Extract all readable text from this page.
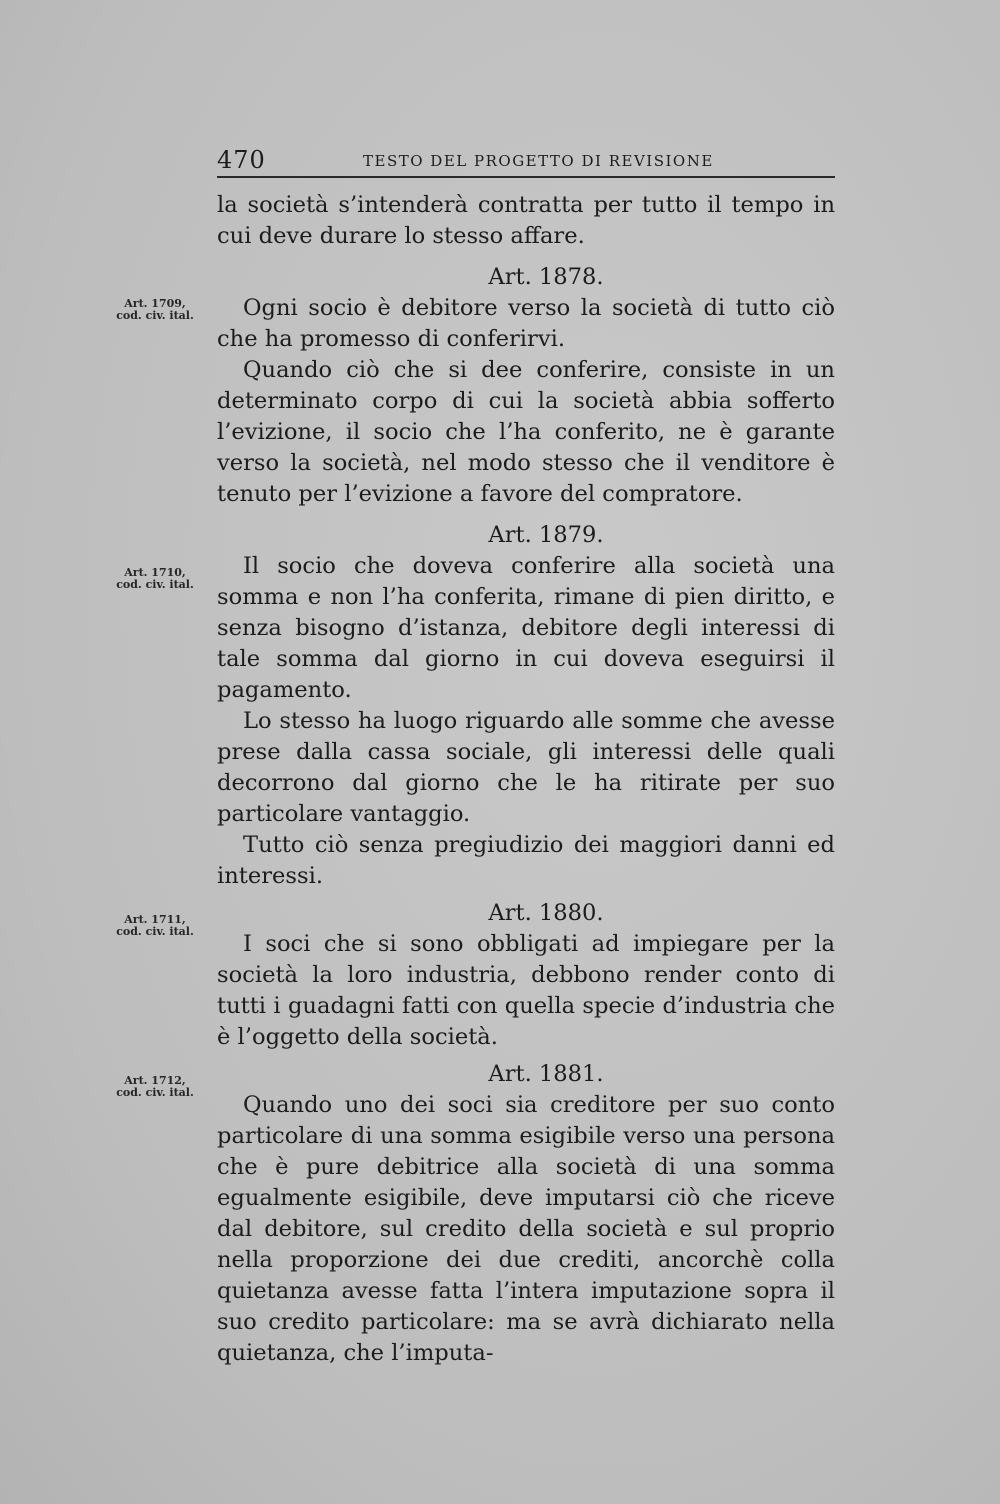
470	TESTO DEL PROGETTO DI REVISIONE
Art. 1709,
cod. civ. ital.
Art. 1710,
cod. civ. ital.
Art. 1711,
cod. civ. ital.
Art. 1712,
cod. civ. ital.

la società s’intenderà contratta per tutto il tempo in cui deve durare lo stesso affare.

Art. 1878.

Ogni socio è debitore verso la società di tutto ciò che ha promesso di conferirvi.

Quando ciò che si dee conferire, consiste in un determinato corpo di cui la società abbia sofferto l’evizione, il socio che l’ha conferito, ne è garante verso la società, nel modo stesso che il venditore è tenuto per l’evizione a favore del compratore.

Art. 1879.

Il socio che doveva conferire alla società una somma e non l’ha conferita, rimane di pien diritto, e senza bisogno d’istanza, debitore degli interessi di tale somma dal giorno in cui doveva eseguirsi il pagamento.

Lo stesso ha luogo riguardo alle somme che avesse prese dalla cassa sociale, gli interessi delle quali decorrono dal giorno che le ha ritirate per suo particolare vantaggio.

Tutto ciò senza pregiudizio dei maggiori danni ed interessi.

Art. 1880.

I soci che si sono obbligati ad impiegare per la società la loro industria, debbono render conto di tutti i guadagni fatti con quella specie d’industria che è l’oggetto della società.

Art. 1881.

Quando uno dei soci sia creditore per suo conto particolare di una somma esigibile verso una persona che è pure debitrice alla società di una somma egualmente esigibile, deve imputarsi ciò che riceve dal debitore, sul credito della società e sul proprio nella proporzione dei due crediti, ancorchè colla quietanza avesse fatta l’intera imputazione sopra il suo credito particolare: ma se avrà dichiarato nella quietanza, che l’imputa-
